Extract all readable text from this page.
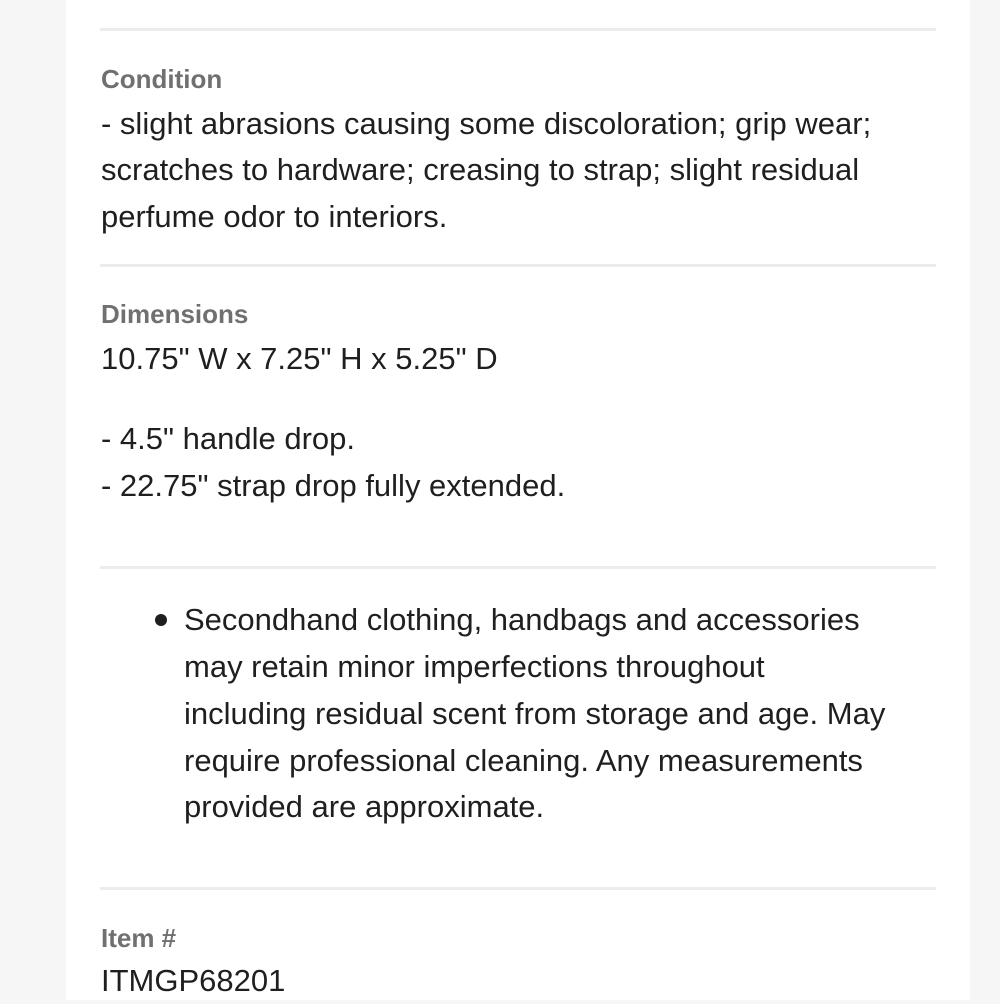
Condition
- slight abrasions causing some discoloration; grip wear;
scratches to hardware; creasing to strap; slight residual
perfume odor to interiors.
Dimensions
10.75" W x 7.25" H x 5.25" D
- 4.5" handle drop.
- 22.75" strap drop fully extended.
Secondhand clothing, handbags and accessories
may retain minor imperfections throughout
including residual scent from storage and age. May
require professional cleaning. Any measurements
provided are approximate.
Item #
ITMGP68201
